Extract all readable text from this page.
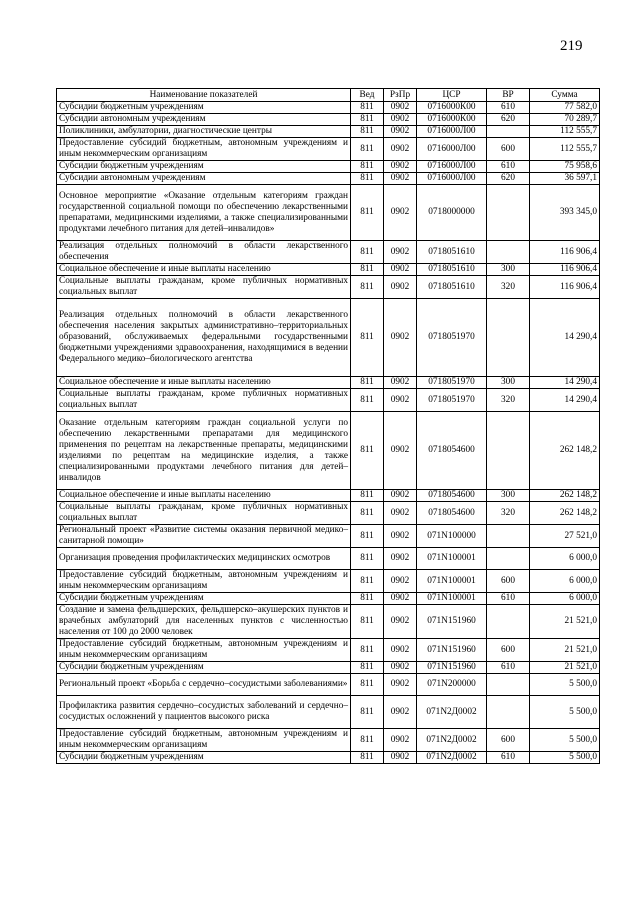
219
Наименование показателей	Вед	РзПр	ЦСР	ВР	Сумма
Субсидии бюджетным учреждениям	811	0902	0716000К00	610	77 582,0
Субсидии автономным учреждениям	811	0902	0716000К00	620	70 289,7
Поликлиники, амбулатории, диагностические центры	811	0902	0716000Л00		112 555,7
Предоставление субсидий бюджетным, автономным учреждениям и иным некоммерческим организациям	811	0902	0716000Л00	600	112 555,7
Субсидии бюджетным учреждениям	811	0902	0716000Л00	610	75 958,6
Субсидии автономным учреждениям	811	0902	0716000Л00	620	36 597,1
Основное мероприятие «Оказание отдельным категориям граждан государственной социальной помощи по обеспечению лекарственными препаратами, медицинскими изделиями, а также специализированными продуктами лечебного питания для детей–инвалидов»	811	0902	0718000000		393 345,0
Реализация отдельных полномочий в области лекарственного обеспечения	811	0902	0718051610		116 906,4
Социальное обеспечение и иные выплаты населению	811	0902	0718051610	300	116 906,4
Социальные выплаты гражданам, кроме публичных нормативных социальных выплат	811	0902	0718051610	320	116 906,4
Реализация отдельных полномочий в области лекарственного обеспечения населения закрытых административно–территориальных образований, обслуживаемых федеральными государственными бюджетными учреждениями здравоохранения, находящимися в ведении Федерального медико–биологического агентства	811	0902	0718051970		14 290,4
Социальное обеспечение и иные выплаты населению	811	0902	0718051970	300	14 290,4
Социальные выплаты гражданам, кроме публичных нормативных социальных выплат	811	0902	0718051970	320	14 290,4
Оказание отдельным категориям граждан социальной услуги по обеспечению лекарственными препаратами для медицинского применения по рецептам на лекарственные препараты, медицинскими изделиями по рецептам на медицинские изделия, а также специализированными продуктами лечебного питания для детей–инвалидов	811	0902	0718054600		262 148,2
Социальное обеспечение и иные выплаты населению	811	0902	0718054600	300	262 148,2
Социальные выплаты гражданам, кроме публичных нормативных социальных выплат	811	0902	0718054600	320	262 148,2
Региональный проект «Развитие системы оказания первичной медико–санитарной помощи»	811	0902	071N100000		27 521,0
Организация проведения профилактических медицинских осмотров	811	0902	071N100001		6 000,0
Предоставление субсидий бюджетным, автономным учреждениям и иным некоммерческим организациям	811	0902	071N100001	600	6 000,0
Субсидии бюджетным учреждениям	811	0902	071N100001	610	6 000,0
Создание и замена фельдшерских, фельдшерско–акушерских пунктов и врачебных амбулаторий для населенных пунктов с численностью населения от 100 до 2000 человек	811	0902	071N151960		21 521,0
Предоставление субсидий бюджетным, автономным учреждениям и иным некоммерческим организациям	811	0902	071N151960	600	21 521,0
Субсидии бюджетным учреждениям	811	0902	071N151960	610	21 521,0
Региональный проект «Борьба с сердечно–сосудистыми заболеваниями»	811	0902	071N200000		5 500,0
Профилактика развития сердечно–сосудистых заболеваний и сердечно–сосудистых осложнений у пациентов высокого риска	811	0902	071N2Д0002		5 500,0
Предоставление субсидий бюджетным, автономным учреждениям и иным некоммерческим организациям	811	0902	071N2Д0002	600	5 500,0
Субсидии бюджетным учреждениям	811	0902	071N2Д0002	610	5 500,0
